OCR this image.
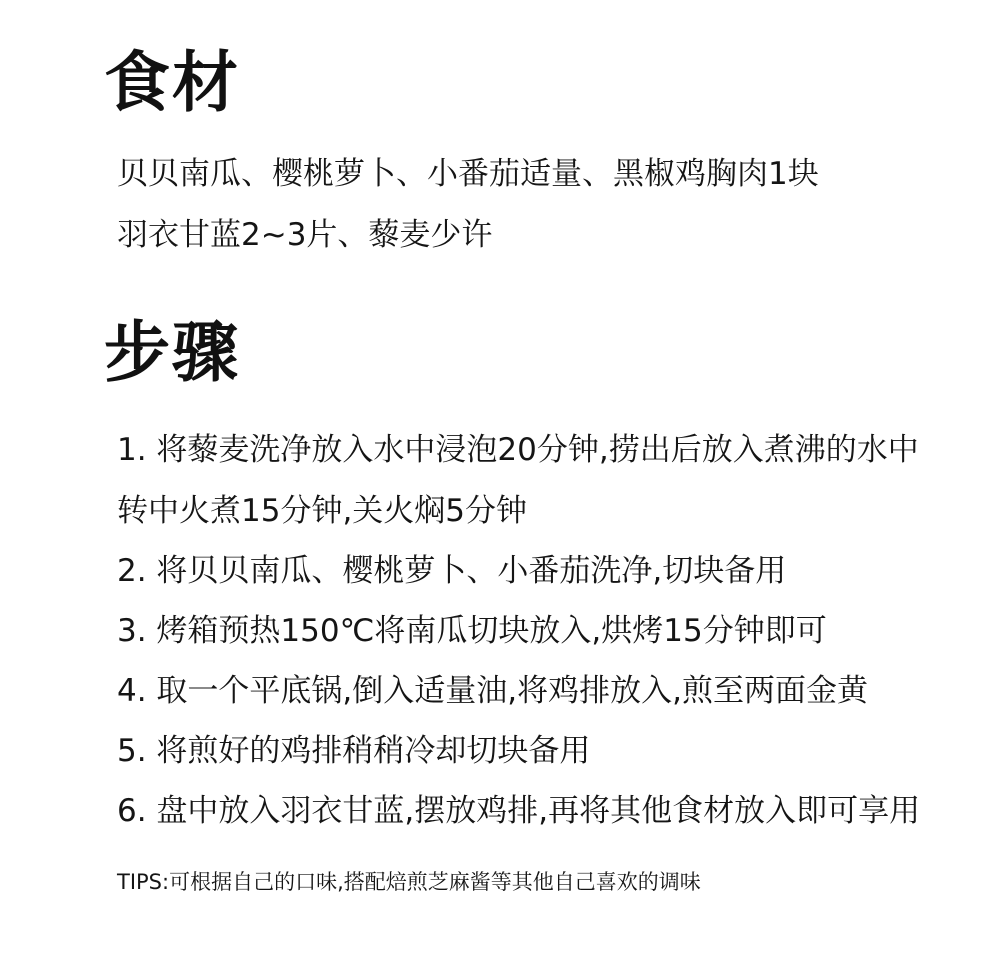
食材
贝贝南瓜、樱桃萝卜、小番茄适量、黑椒鸡胸肉1块
羽衣甘蓝2~3片、藜麦少许
步骤
1. 将藜麦洗净放入水中浸泡20分钟,捞出后放入煮沸的水中
转中火煮15分钟,关火焖5分钟
2. 将贝贝南瓜、樱桃萝卜、小番茄洗净,切块备用
3. 烤箱预热150℃将南瓜切块放入,烘烤15分钟即可
4. 取一个平底锅,倒入适量油,将鸡排放入,煎至两面金黄
5. 将煎好的鸡排稍稍冷却切块备用
6. 盘中放入羽衣甘蓝,摆放鸡排,再将其他食材放入即可享用
TIPS:可根据自己的口味,搭配焙煎芝麻酱等其他自己喜欢的调味
